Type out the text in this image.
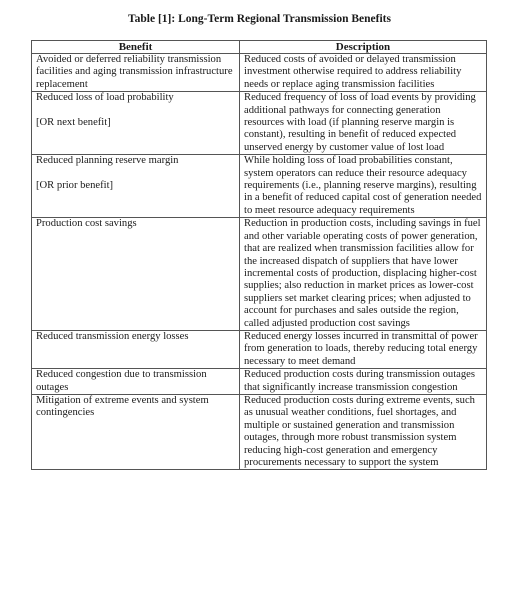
Table [1]: Long-Term Regional Transmission Benefits
Benefit	Description

Avoided or deferred reliability transmission facilities and aging transmission infrastructure replacement	Reduced costs of avoided or delayed transmission investment otherwise required to address reliability needs or replace aging transmission facilities

Reduced loss of load probability
[OR next benefit]	Reduced frequency of loss of load events by providing additional pathways for connecting generation resources with load (if planning reserve margin is constant), resulting in benefit of reduced expected unserved energy by customer value of lost load

Reduced planning reserve margin
[OR prior benefit]	While holding loss of load probabilities constant, system operators can reduce their resource adequacy requirements (i.e., planning reserve margins), resulting in a benefit of reduced capital cost of generation needed to meet resource adequacy requirements

Production cost savings	Reduction in production costs, including savings in fuel and other variable operating costs of power generation, that are realized when transmission facilities allow for the increased dispatch of suppliers that have lower incremental costs of production, displacing higher-cost supplies; also reduction in market prices as lower-cost suppliers set market clearing prices; when adjusted to account for purchases and sales outside the region, called adjusted production cost savings

Reduced transmission energy losses	Reduced energy losses incurred in transmittal of power from generation to loads, thereby reducing total energy necessary to meet demand

Reduced congestion due to transmission outages	Reduced production costs during transmission outages that significantly increase transmission congestion

Mitigation of extreme events and system contingencies	Reduced production costs during extreme events, such as unusual weather conditions, fuel shortages, and multiple or sustained generation and transmission outages, through more robust transmission system reducing high-cost generation and emergency procurements necessary to support the system
